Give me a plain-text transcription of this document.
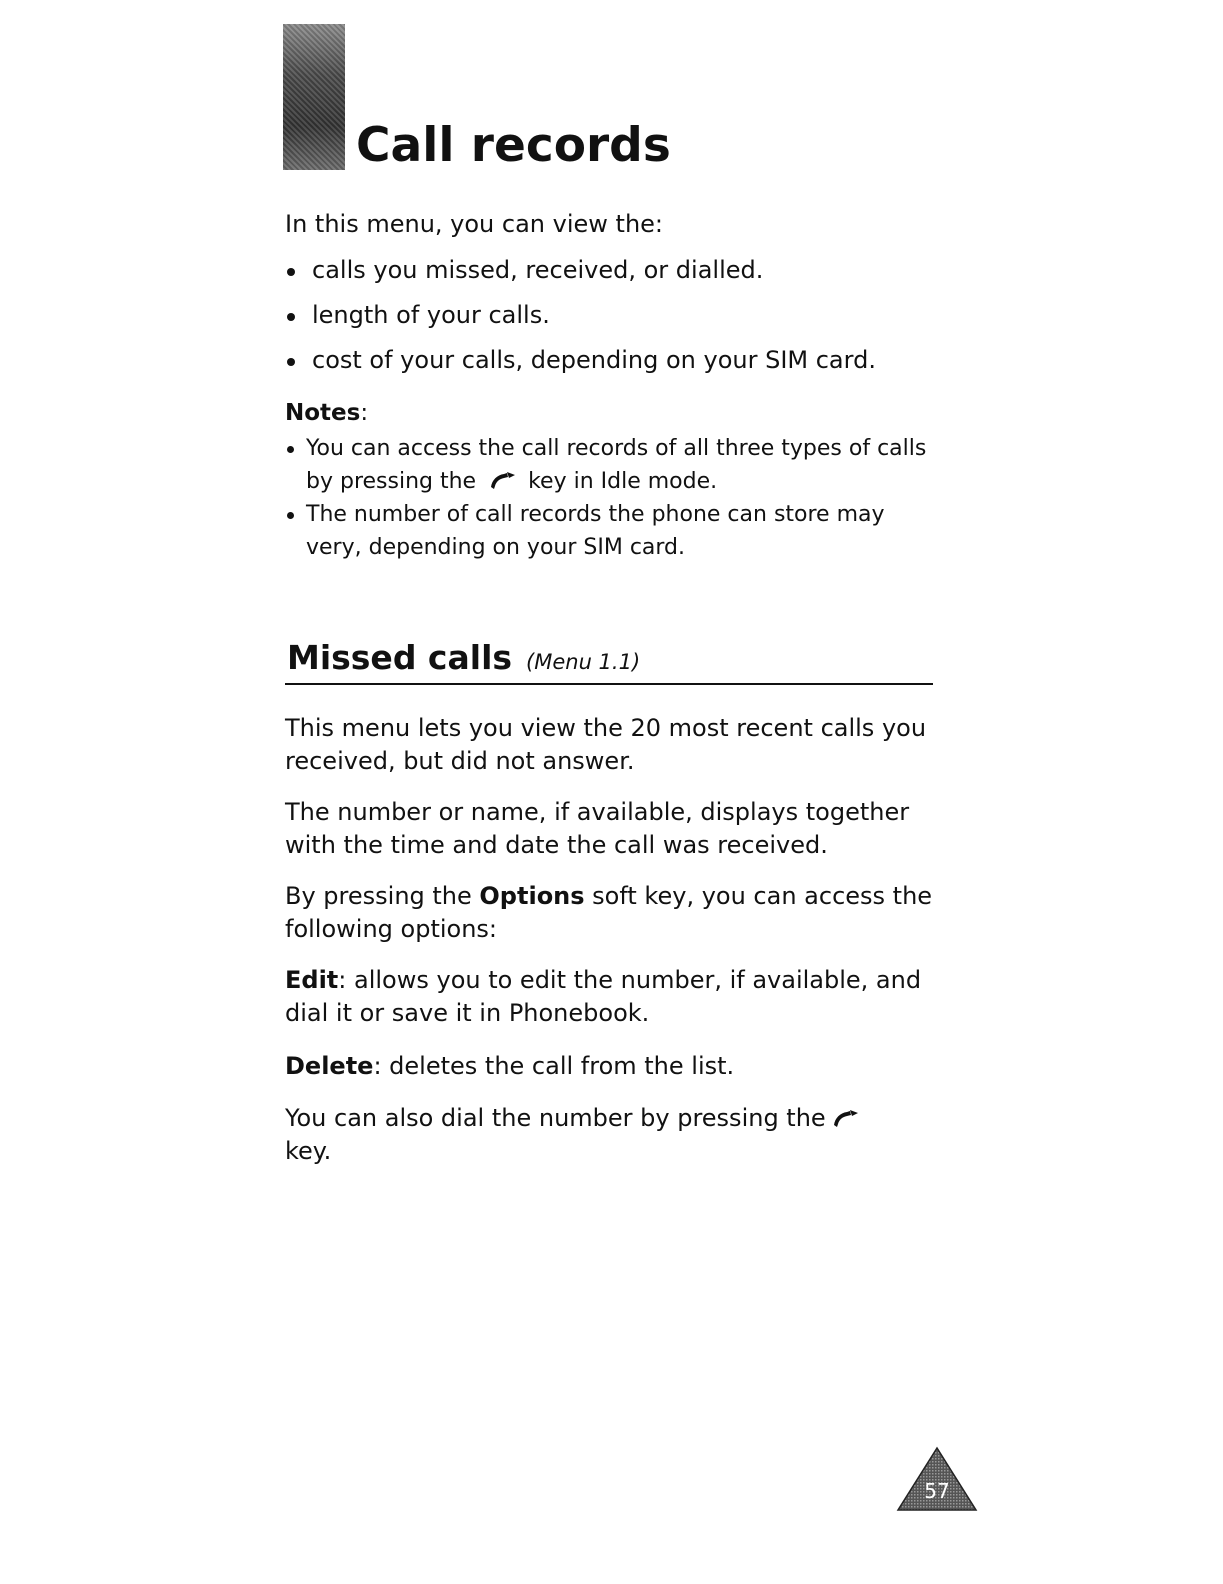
Call records

In this menu, you can view the:

calls you missed, received, or dialled.
length of your calls.
cost of your calls, depending on your SIM card.

Notes:

You can access the call records of all three types of calls by pressing the key in Idle mode.
The number of call records the phone can store may very, depending on your SIM card.
Missed calls (Menu 1.1)

This menu lets you view the 20 most recent calls you received, but did not answer.

The number or name, if available, displays together with the time and date the call was received.

By pressing the Options soft key, you can access the following options:

Edit: allows you to edit the number, if available, and dial it or save it in Phonebook.

Delete: deletes the call from the list.

You can also dial the number by pressing the
key.

57
